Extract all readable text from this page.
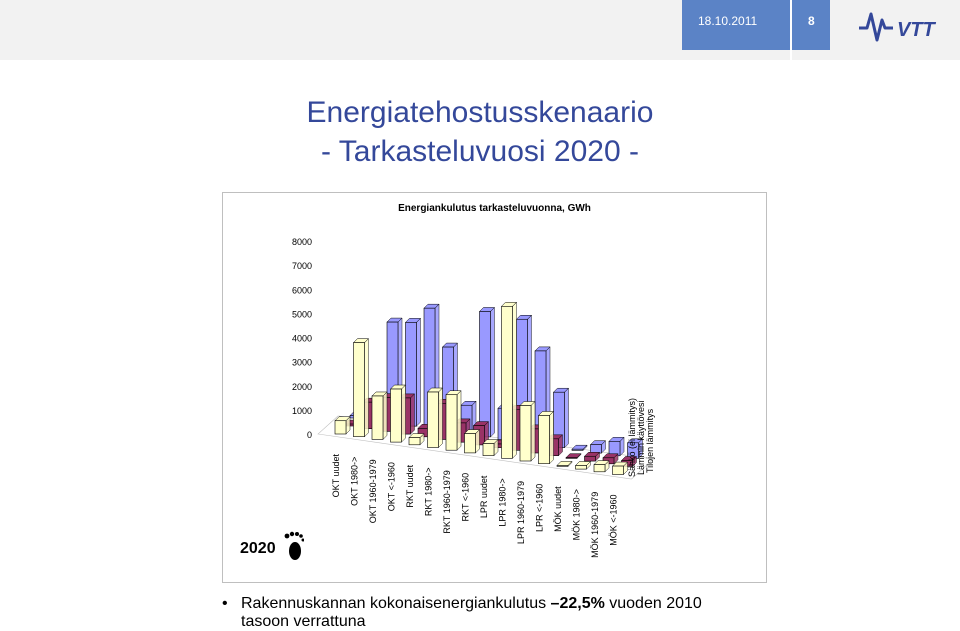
18.10.2011	8	VTT
Energiatehostusskenaario
- Tarkasteluvuosi 2020 -
Energiankulutus tarkasteluvuonna, GWh
0
1000
2000
3000
4000
5000
6000
7000
8000
OKT uudet OKT 1980-> OKT 1960-1979 OKT <-1960 RKT uudet RKT 1980-> RKT 1960-1979 RKT <-1960 LPR uudet LPR 1980-> LPR 1960-1979 LPR <-1960 MÖK uudet MÖK 1980-> MÖK 1960-1979 MÖK <-1960
Tilojen lämmitys
Lämmin käyttövesi
Sähkö (ei lämmitys)
2020
• Rakennuskannan kokonaisenergiankulutus –22,5% vuoden 2010
tasoon verrattuna
